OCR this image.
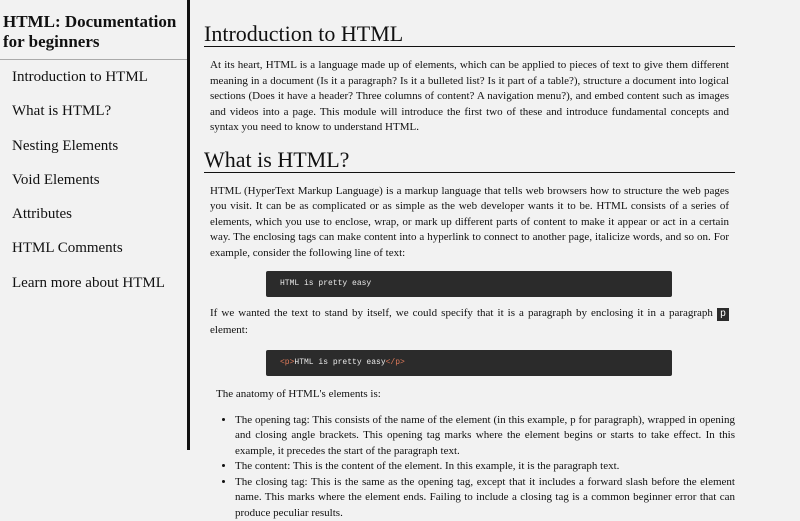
HTML: Documentation for beginners
Introduction to HTML
What is HTML?
Nesting Elements
Void Elements
Attributes
HTML Comments
Learn more about HTML
Introduction to HTML

At its heart, HTML is a language made up of elements, which can be applied to pieces of text to give them different meaning in a document (Is it a paragraph? Is it a bulleted list? Is it part of a table?), structure a document into logical sections (Does it have a header? Three columns of content? A navigation menu?), and embed content such as images and videos into a page. This module will introduce the first two of these and introduce fundamental concepts and syntax you need to know to understand HTML.

What is HTML?

HTML (HyperText Markup Language) is a markup language that tells web browsers how to structure the web pages you visit. It can be as complicated or as simple as the web developer wants it to be. HTML consists of a series of elements, which you use to enclose, wrap, or mark up different parts of content to make it appear or act in a certain way. The enclosing tags can make content into a hyperlink to connect to another page, italicize words, and so on. For example, consider the following line of text:

HTML is pretty easy

If we wanted the text to stand by itself, we could specify that it is a paragraph by enclosing it in a paragraph p element:

<p>HTML is pretty easy</p>

The anatomy of HTML's elements is:

• The opening tag: This consists of the name of the element (in this example, p for paragraph), wrapped in opening and closing angle brackets. This opening tag marks where the element begins or starts to take effect. In this example, it precedes the start of the paragraph text.
• The content: This is the content of the element. In this example, it is the paragraph text.
• The closing tag: This is the same as the opening tag, except that it includes a forward slash before the element name. This marks where the element ends. Failing to include a closing tag is a common beginner error that can produce peculiar results.
